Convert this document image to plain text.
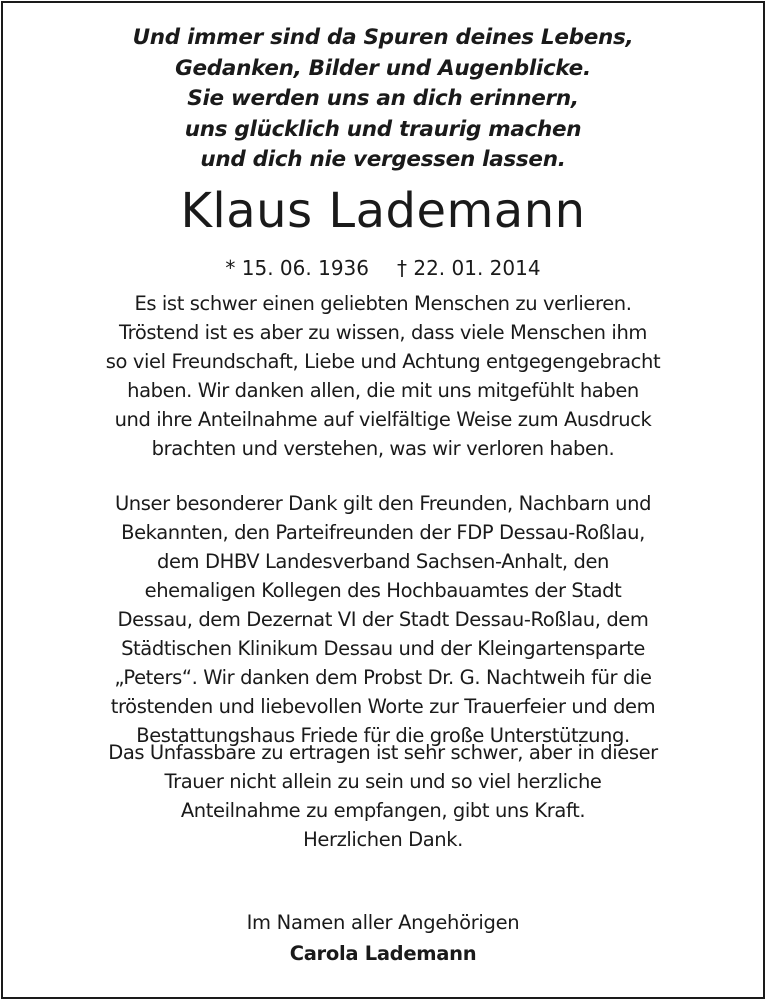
Und immer sind da Spuren deines Lebens,
Gedanken, Bilder und Augenblicke.
Sie werden uns an dich erinnern,
uns glücklich und traurig machen
und dich nie vergessen lassen.
Klaus Lademann
* 15. 06. 1936 † 22. 01. 2014
Es ist schwer einen geliebten Menschen zu verlieren.
Tröstend ist es aber zu wissen, dass viele Menschen ihm
so viel Freundschaft, Liebe und Achtung entgegengebracht
haben. Wir danken allen, die mit uns mitgefühlt haben
und ihre Anteilnahme auf vielfältige Weise zum Ausdruck
brachten und verstehen, was wir verloren haben.
Unser besonderer Dank gilt den Freunden, Nachbarn und
Bekannten, den Parteifreunden der FDP Dessau-Roßlau,
dem DHBV Landesverband Sachsen-Anhalt, den
ehemaligen Kollegen des Hochbauamtes der Stadt
Dessau, dem Dezernat VI der Stadt Dessau-Roßlau, dem
Städtischen Klinikum Dessau und der Kleingartensparte
„Peters“. Wir danken dem Probst Dr. G. Nachtweih für die
tröstenden und liebevollen Worte zur Trauerfeier und dem
Bestattungshaus Friede für die große Unterstützung.
Das Unfassbare zu ertragen ist sehr schwer, aber in dieser
Trauer nicht allein zu sein und so viel herzliche
Anteilnahme zu empfangen, gibt uns Kraft.
Herzlichen Dank.
Im Namen aller Angehörigen
Carola Lademann
